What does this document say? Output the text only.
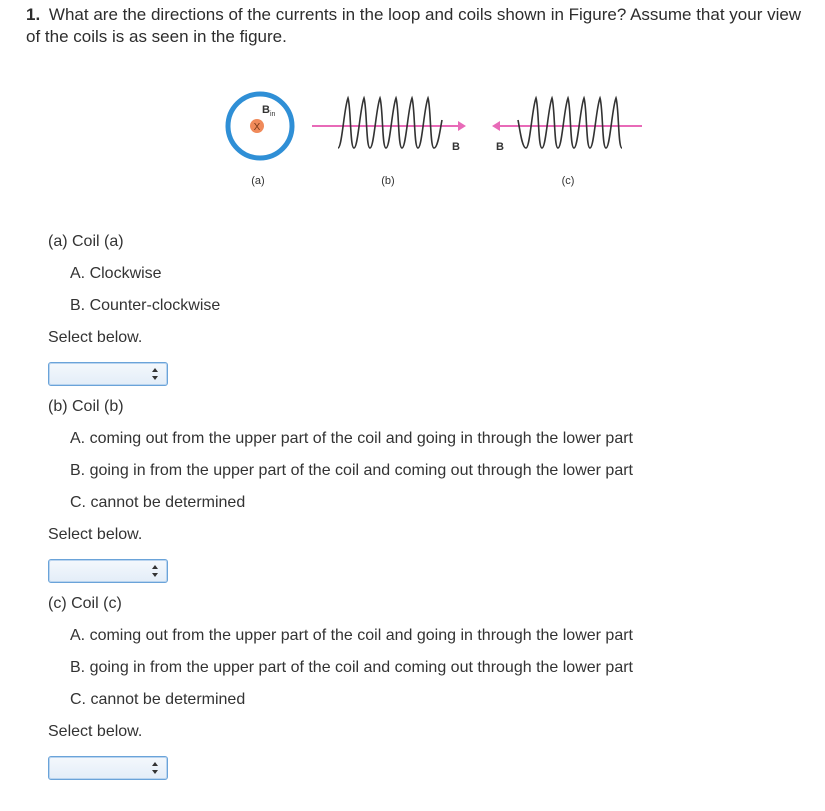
1. What are the directions of the currents in the loop and coils shown in Figure? Assume that your view of the coils is as seen in the figure.
X
B in
(a)
B
(b)
B
(c)
(a) Coil (a)
A. Clockwise
B. Counter-clockwise
Select below.
(b) Coil (b)
A. coming out from the upper part of the coil and going in through the lower part
B. going in from the upper part of the coil and coming out through the lower part
C. cannot be determined
Select below.
(c) Coil (c)
A. coming out from the upper part of the coil and going in through the lower part
B. going in from the upper part of the coil and coming out through the lower part
C. cannot be determined
Select below.
